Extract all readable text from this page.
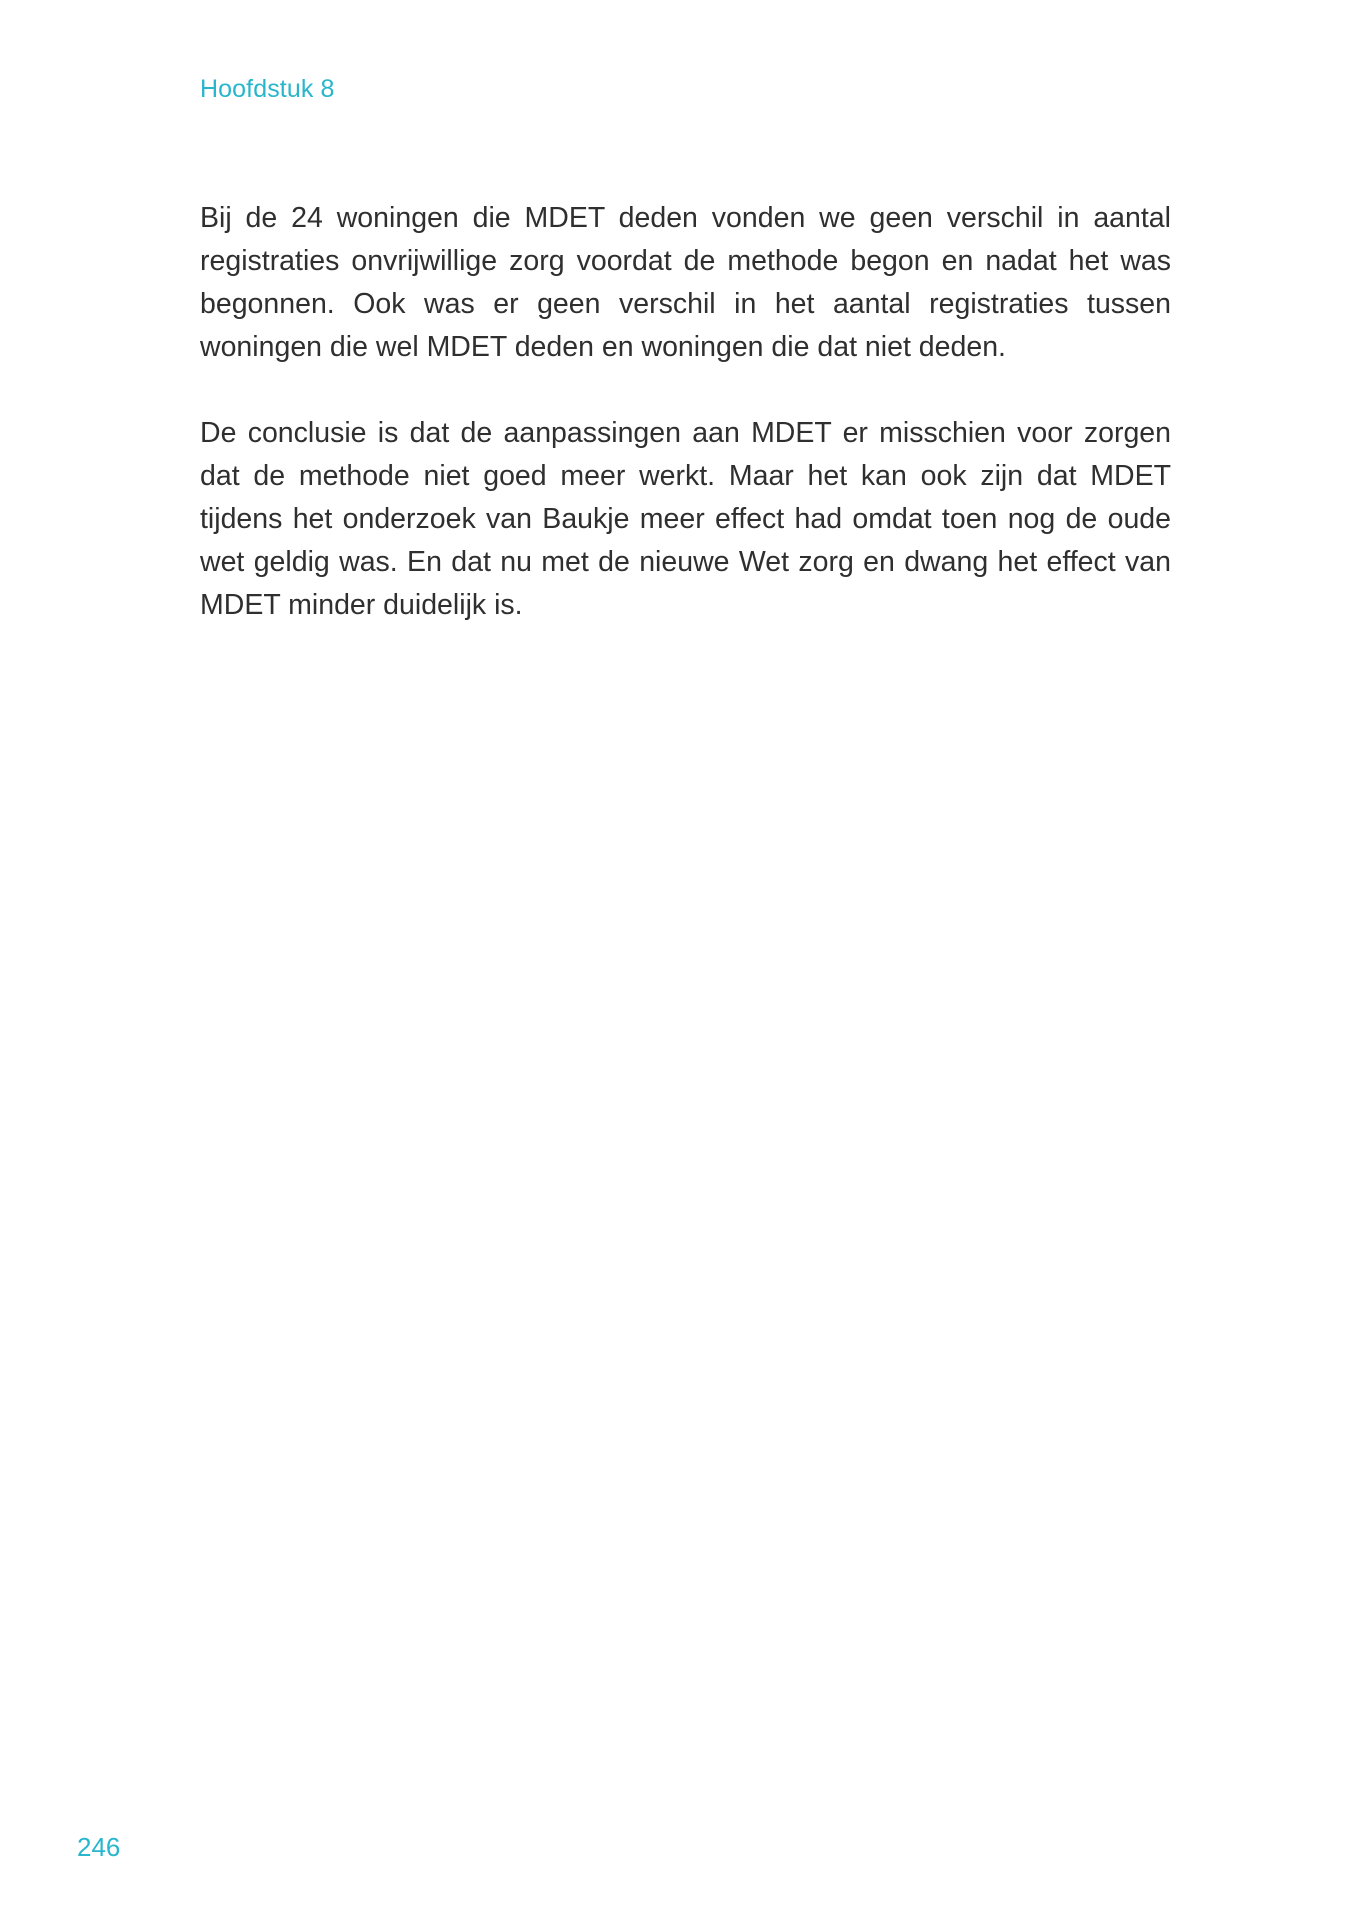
Hoofdstuk 8

Bij de 24 woningen die MDET deden vonden we geen verschil in aantal registraties onvrijwillige zorg voordat de methode begon en nadat het was begonnen. Ook was er geen verschil in het aantal registraties tussen woningen die wel MDET deden en woningen die dat niet deden.

De conclusie is dat de aanpassingen aan MDET er misschien voor zorgen dat de methode niet goed meer werkt. Maar het kan ook zijn dat MDET tijdens het onderzoek van Baukje meer effect had omdat toen nog de oude wet geldig was. En dat nu met de nieuwe Wet zorg en dwang het effect van MDET minder duidelijk is.

246
